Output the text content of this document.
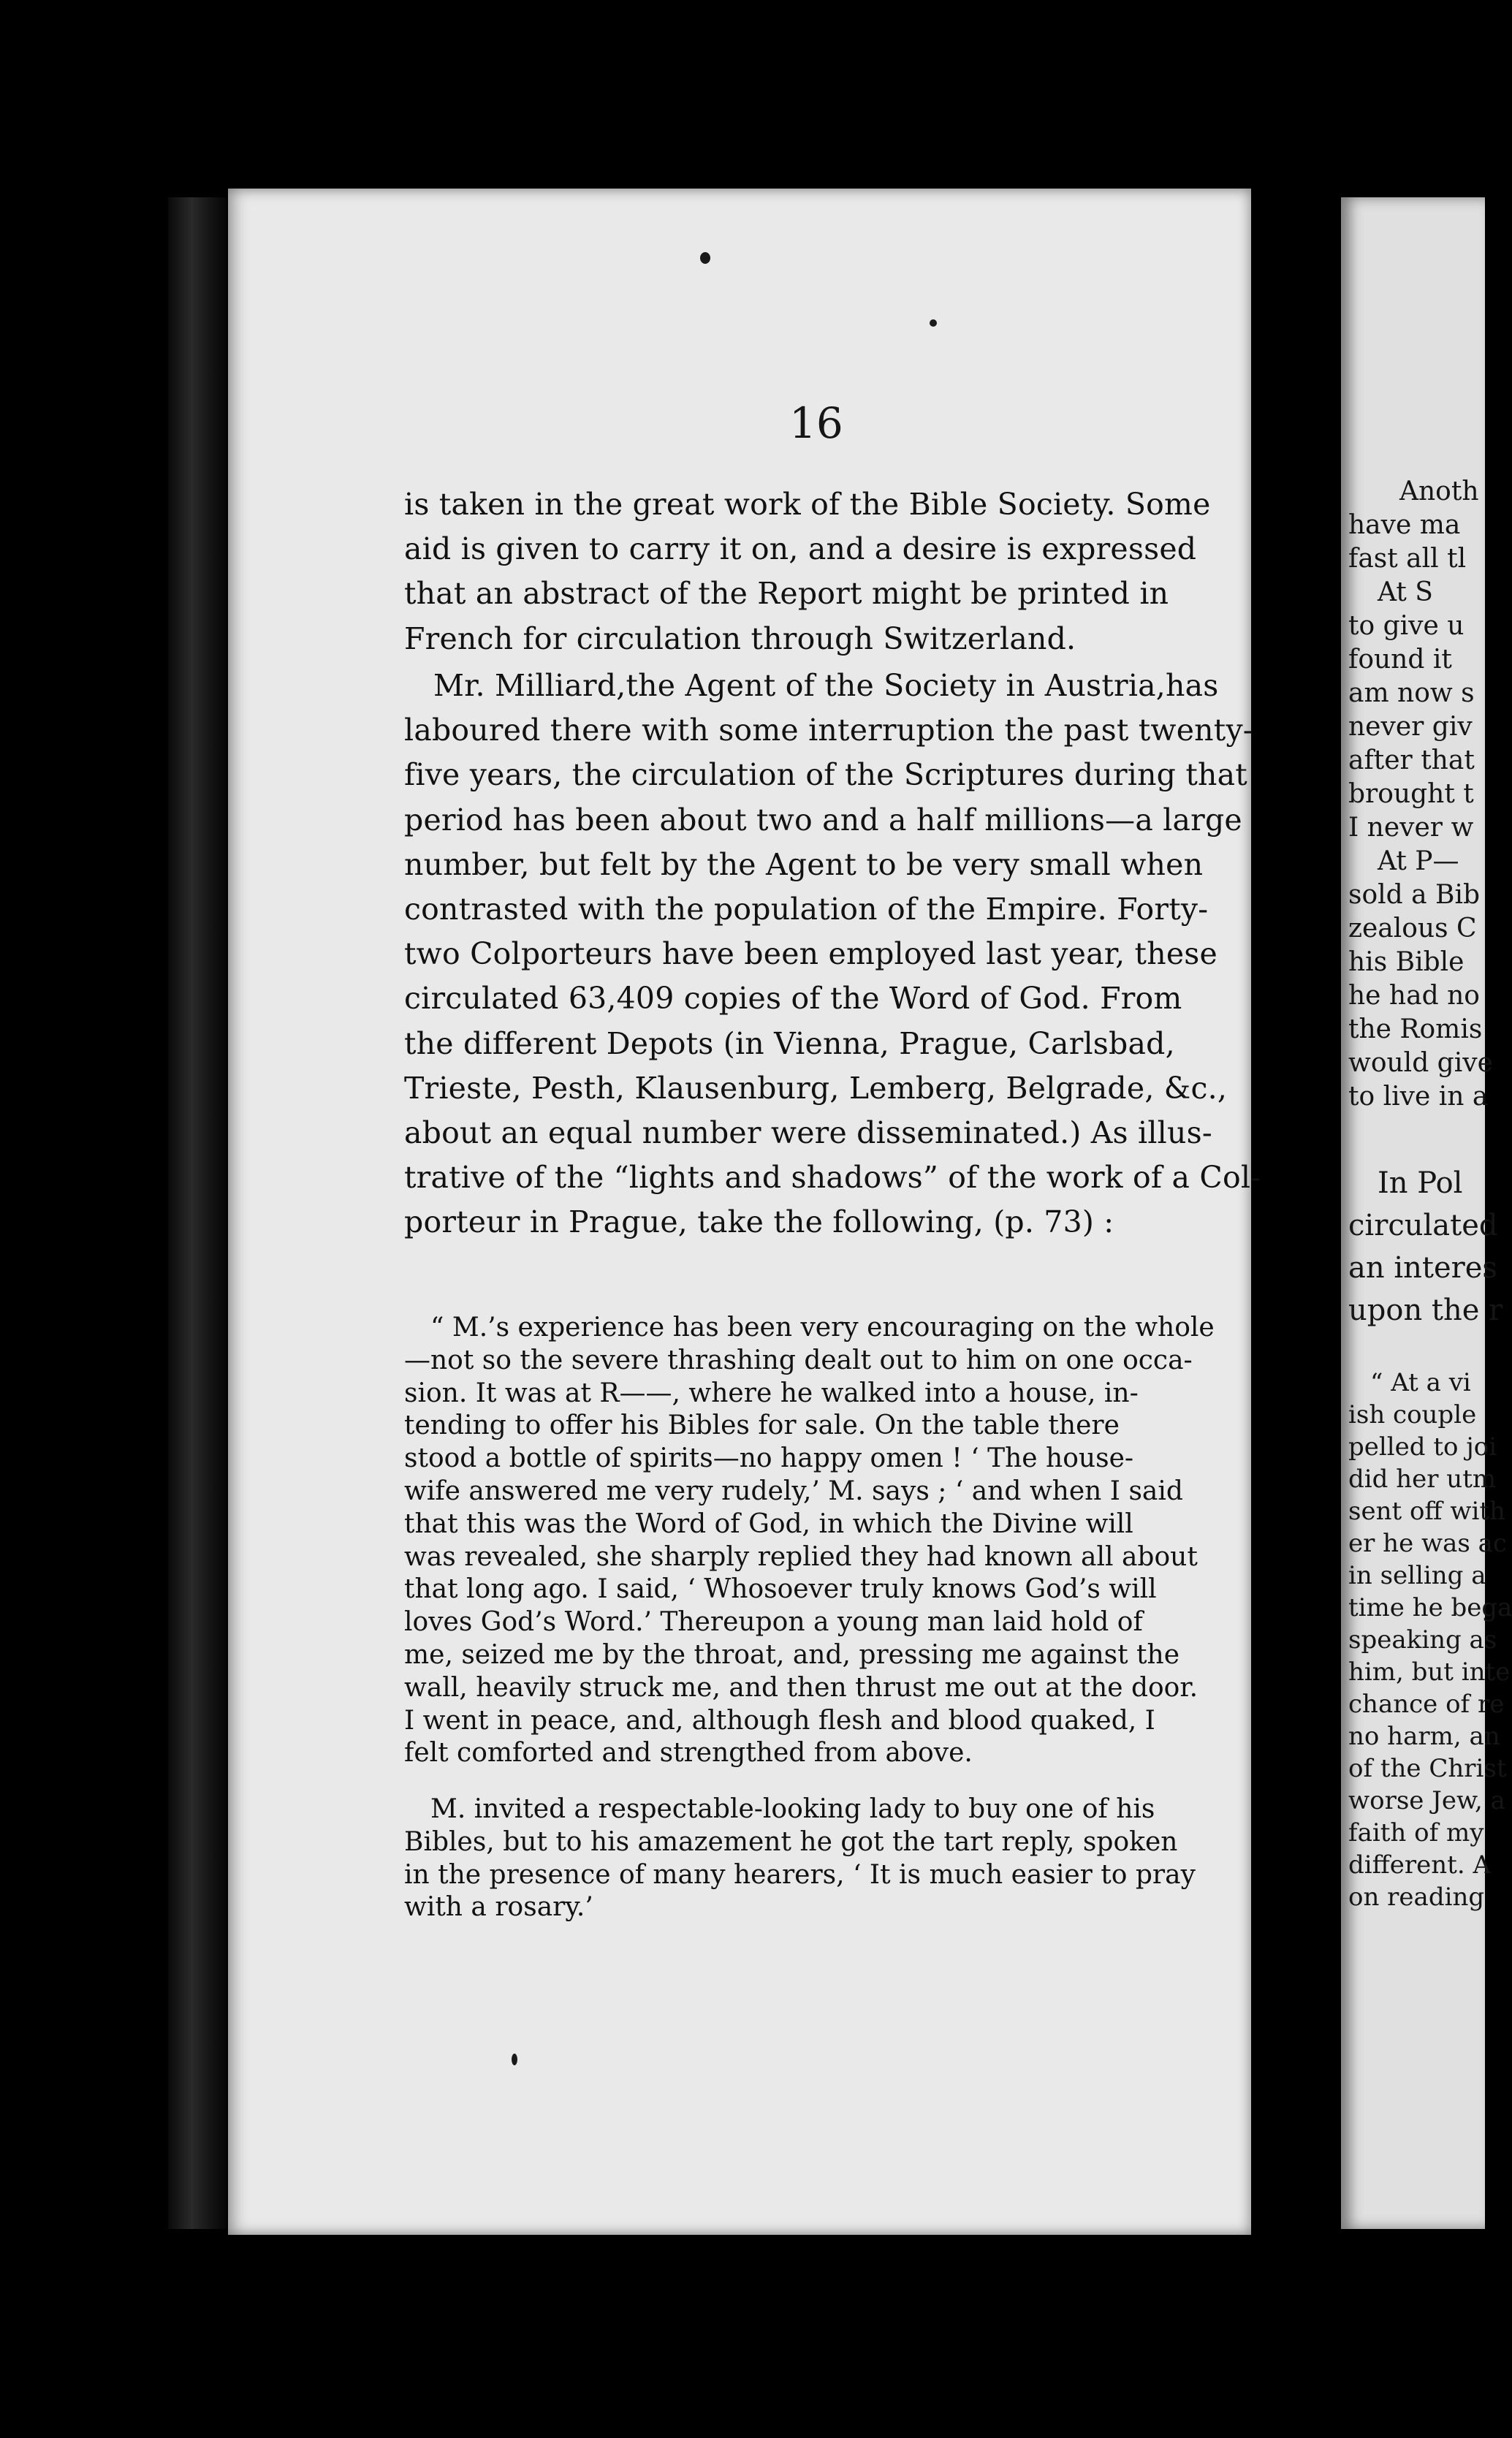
16
is taken in the great work of the Bible Society. Some
aid is given to carry it on, and a desire is expressed
that an abstract of the Report might be printed in
French for circulation through Switzerland.
Mr. Milliard,the Agent of the Society in Austria,has
laboured there with some interruption the past twenty-
five years, the circulation of the Scriptures during that
period has been about two and a half millions—a large
number, but felt by the Agent to be very small when
contrasted with the population of the Empire. Forty-
two Colporteurs have been employed last year, these
circulated 63,409 copies of the Word of God. From
the different Depots (in Vienna, Prague, Carlsbad,
Trieste, Pesth, Klausenburg, Lemberg, Belgrade, &c.,
about an equal number were disseminated.) As illus-
trative of the “lights and shadows” of the work of a Col-
porteur in Prague, take the following, (p. 73) :
“ M.’s experience has been very encouraging on the whole
—not so the severe thrashing dealt out to him on one occa-
sion. It was at R——, where he walked into a house, in-
tending to offer his Bibles for sale. On the table there
stood a bottle of spirits—no happy omen ! ‘ The house-
wife answered me very rudely,’ M. says ; ‘ and when I said
that this was the Word of God, in which the Divine will
was revealed, she sharply replied they had known all about
that long ago. I said, ‘ Whosoever truly knows God’s will
loves God’s Word.’ Thereupon a young man laid hold of
me, seized me by the throat, and, pressing me against the
wall, heavily struck me, and then thrust me out at the door.
I went in peace, and, although flesh and blood quaked, I
felt comforted and strengthed from above.
M. invited a respectable-looking lady to buy one of his
Bibles, but to his amazement he got the tart reply, spoken
in the presence of many hearers, ‘ It is much easier to pray
with a rosary.’
Anoth
have ma
fast all tl
At S
to give u
found it
am now s
never giv
after that
brought t
I never w
At P—
sold a Bib
zealous C
his Bible
he had no
the Romis
would give
to live in a
In Pol
circulated
an interes
upon the r
“ At a vi
ish couple
pelled to joi
did her utm
sent off with
er he was ac
in selling a
time he bega
speaking as
him, but inte
chance of re
no harm, an
of the Christ
worse Jew, a
faith of my
different. A
on reading
